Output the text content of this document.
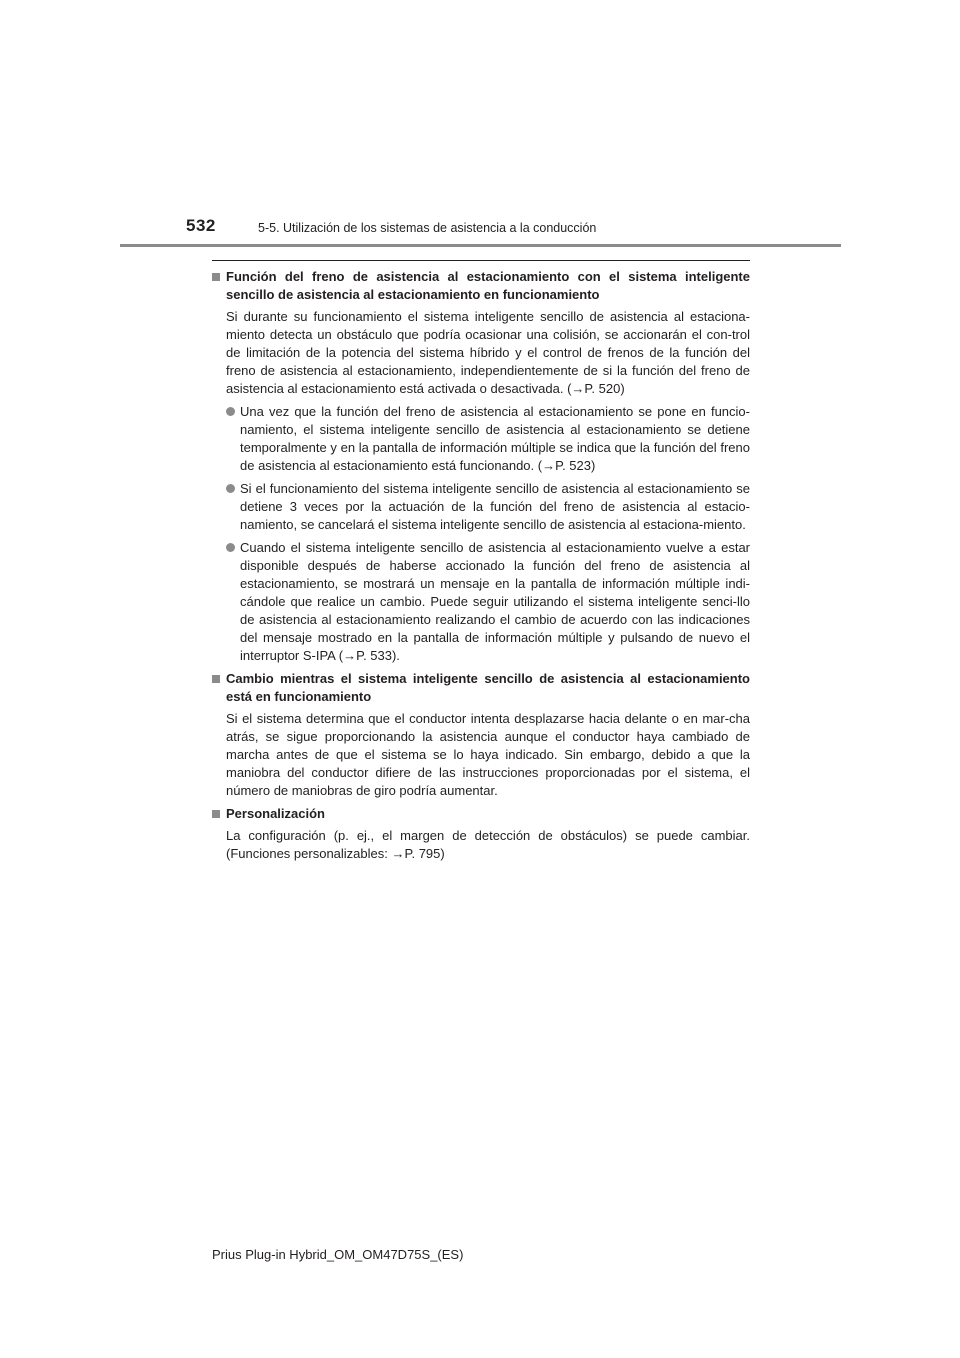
532	5-5. Utilización de los sistemas de asistencia a la conducción
Función del freno de asistencia al estacionamiento con el sistema inteligente sencillo de asistencia al estacionamiento en funcionamiento
Si durante su funcionamiento el sistema inteligente sencillo de asistencia al estaciona-miento detecta un obstáculo que podría ocasionar una colisión, se accionarán el con-trol de limitación de la potencia del sistema híbrido y el control de frenos de la función del freno de asistencia al estacionamiento, independientemente de si la función del freno de asistencia al estacionamiento está activada o desactivada. (→P. 520)
Una vez que la función del freno de asistencia al estacionamiento se pone en funcio-namiento, el sistema inteligente sencillo de asistencia al estacionamiento se detiene temporalmente y en la pantalla de información múltiple se indica que la función del freno de asistencia al estacionamiento está funcionando. (→P. 523)
Si el funcionamiento del sistema inteligente sencillo de asistencia al estacionamiento se detiene 3 veces por la actuación de la función del freno de asistencia al estacio-namiento, se cancelará el sistema inteligente sencillo de asistencia al estaciona-miento.
Cuando el sistema inteligente sencillo de asistencia al estacionamiento vuelve a estar disponible después de haberse accionado la función del freno de asistencia al estacionamiento, se mostrará un mensaje en la pantalla de información múltiple indi-cándole que realice un cambio. Puede seguir utilizando el sistema inteligente senci-llo de asistencia al estacionamiento realizando el cambio de acuerdo con las indicaciones del mensaje mostrado en la pantalla de información múltiple y pulsando de nuevo el interruptor S-IPA (→P. 533).
Cambio mientras el sistema inteligente sencillo de asistencia al estacionamiento está en funcionamiento
Si el sistema determina que el conductor intenta desplazarse hacia delante o en mar-cha atrás, se sigue proporcionando la asistencia aunque el conductor haya cambiado de marcha antes de que el sistema se lo haya indicado. Sin embargo, debido a que la maniobra del conductor difiere de las instrucciones proporcionadas por el sistema, el número de maniobras de giro podría aumentar.
Personalización
La configuración (p. ej., el margen de detección de obstáculos) se puede cambiar. (Funciones personalizables: →P. 795)
Prius Plug-in Hybrid_OM_OM47D75S_(ES)
